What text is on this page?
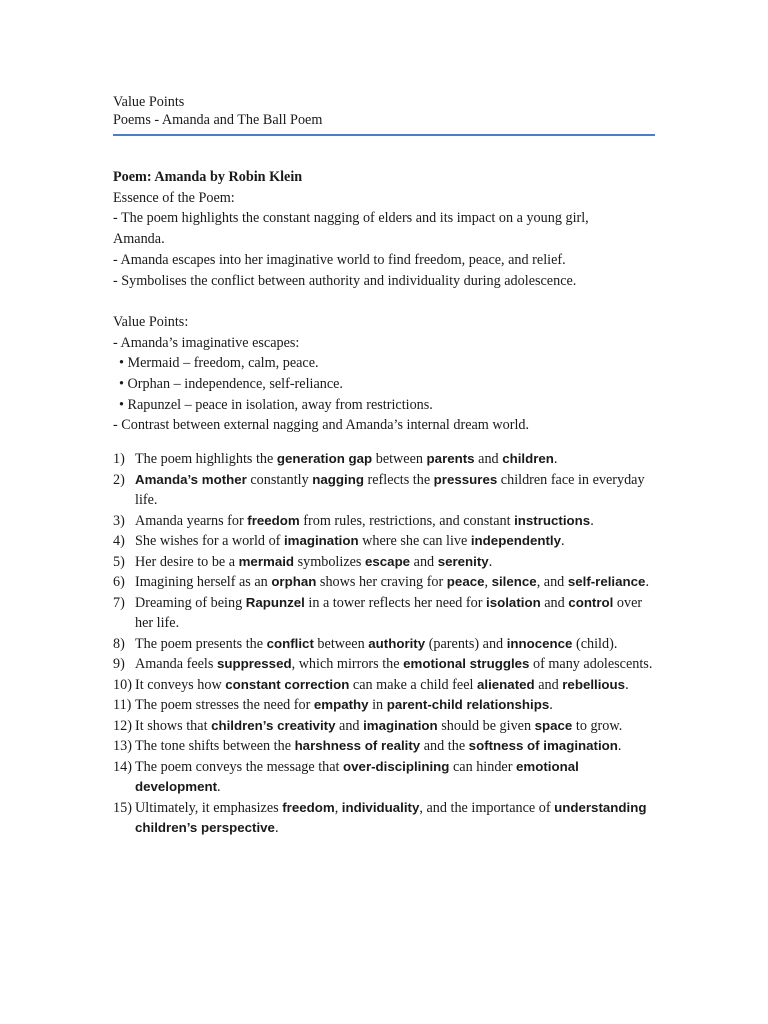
Value Points

Poems - Amanda and The Ball Poem

Poem: Amanda by Robin Klein

Essence of the Poem:

- The poem highlights the constant nagging of elders and its impact on a young girl,

Amanda.

- Amanda escapes into her imaginative world to find freedom, peace, and relief.

- Symbolises the conflict between authority and individuality during adolescence.

Value Points:

- Amanda’s imaginative escapes:

• Mermaid – freedom, calm, peace.

• Orphan – independence, self-reliance.

• Rapunzel – peace in isolation, away from restrictions.

- Contrast between external nagging and Amanda’s internal dream world.

1) The poem highlights the generation gap between parents and children.
2) Amanda’s mother constantly nagging reflects the pressures children face in everyday life.
3) Amanda yearns for freedom from rules, restrictions, and constant instructions.
4) She wishes for a world of imagination where she can live independently.
5) Her desire to be a mermaid symbolizes escape and serenity.
6) Imagining herself as an orphan shows her craving for peace, silence, and self-reliance.
7) Dreaming of being Rapunzel in a tower reflects her need for isolation and control over her life.
8) The poem presents the conflict between authority (parents) and innocence (child).
9) Amanda feels suppressed, which mirrors the emotional struggles of many adolescents.
10) It conveys how constant correction can make a child feel alienated and rebellious.
11) The poem stresses the need for empathy in parent-child relationships.
12) It shows that children’s creativity and imagination should be given space to grow.
13) The tone shifts between the harshness of reality and the softness of imagination.
14) The poem conveys the message that over-disciplining can hinder emotional development.
15) Ultimately, it emphasizes freedom, individuality, and the importance of understanding children’s perspective.
